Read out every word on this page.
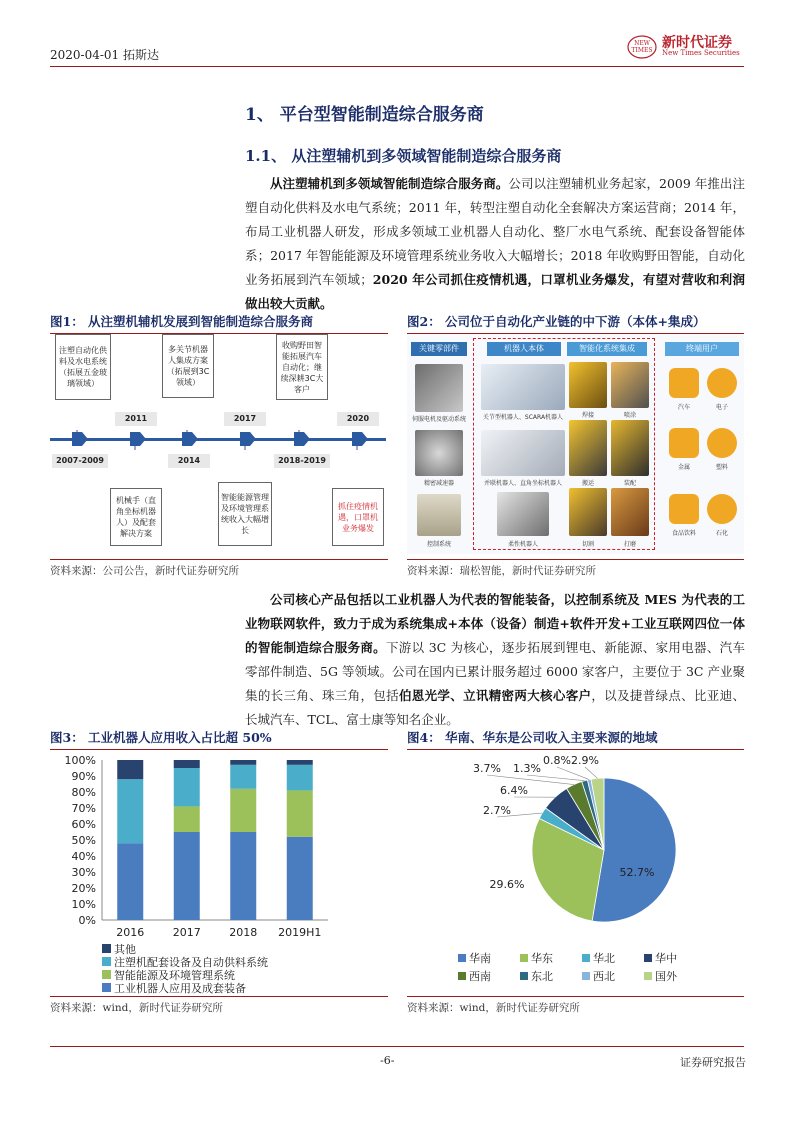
2020-04-01 拓斯达
NEW
TIMES 新时代证券
New Times Securities
1、 平台型智能制造综合服务商
1.1、 从注塑辅机到多领域智能制造综合服务商
从注塑辅机到多领域智能制造综合服务商。公司以注塑辅机业务起家，2009 年推出注塑自动化供料及水电气系统；2011 年，转型注塑自动化全套解决方案运营商；2014 年，布局工业机器人研发，形成多领域工业机器人自动化、整厂水电气系统、配套设备智能体系；2017 年智能能源及环境管理系统业务收入大幅增长；2018 年收购野田智能，自动化业务拓展到汽车领域；2020 年公司抓住疫情机遇，口罩机业务爆发，有望对营收和利润做出较大贡献。
图1： 从注塑机辅机发展到智能制造综合服务商
2011	2017	2020
2007-2009	2014	2018-2019
注塑自动化供料及水电系统（拓展五金玻璃领域）
多关节机器人集成方案（拓展到3C领域）
收购野田智能拓展汽车自动化；继续深耕3C大客户
机械手（直角坐标机器人）及配套解决方案
智能能源管理及环境管理系统收入大幅增长
抓住疫情机遇，口罩机业务爆发
资料来源：公司公告，新时代证券研究所
图2： 公司位于自动化产业链的中下游（本体+集成）
关键零部件	机器人本体	智能化系统集成	终端用户
伺服电机及驱动系统
精密减速器
控制系统
关节型机器人、SCARA机器人
并联机器人、直角坐标机器人
柔性机器人
焊接	喷涂
搬运	装配
切割	打磨
汽车	电子
金属	塑料
食品饮料	石化
资料来源：瑞松智能，新时代证券研究所
公司核心产品包括以工业机器人为代表的智能装备，以控制系统及 MES 为代表的工业物联网软件，致力于成为系统集成+本体（设备）制造+软件开发+工业互联网四位一体的智能制造综合服务商。下游以 3C 为核心，逐步拓展到锂电、新能源、家用电器、汽车零部件制造、5G 等领域。公司在国内已累计服务超过 6000 家客户，主要位于 3C 产业聚集的长三角、珠三角，包括伯恩光学、立讯精密两大核心客户，以及捷普绿点、比亚迪、长城汽车、TCL、富士康等知名企业。
图3： 工业机器人应用收入占比超 50%
0%
10%
20%
30%
40%
50%
60%
70%
80%
90%
100%
2016	2017	2018 2019H1
其他
注塑机配套设备及自动供料系统
智能能源及环境管理系统
工业机器人应用及成套装备
资料来源：wind，新时代证券研究所
图4： 华南、华东是公司收入主要来源的地域
52.7%
29.6%
2.7%
6.4%
3.7% 1.3%
0.8% 2.9%
华南	华东	华北	华中
西南	东北	西北	国外
资料来源：wind，新时代证券研究所
-6-	证券研究报告
